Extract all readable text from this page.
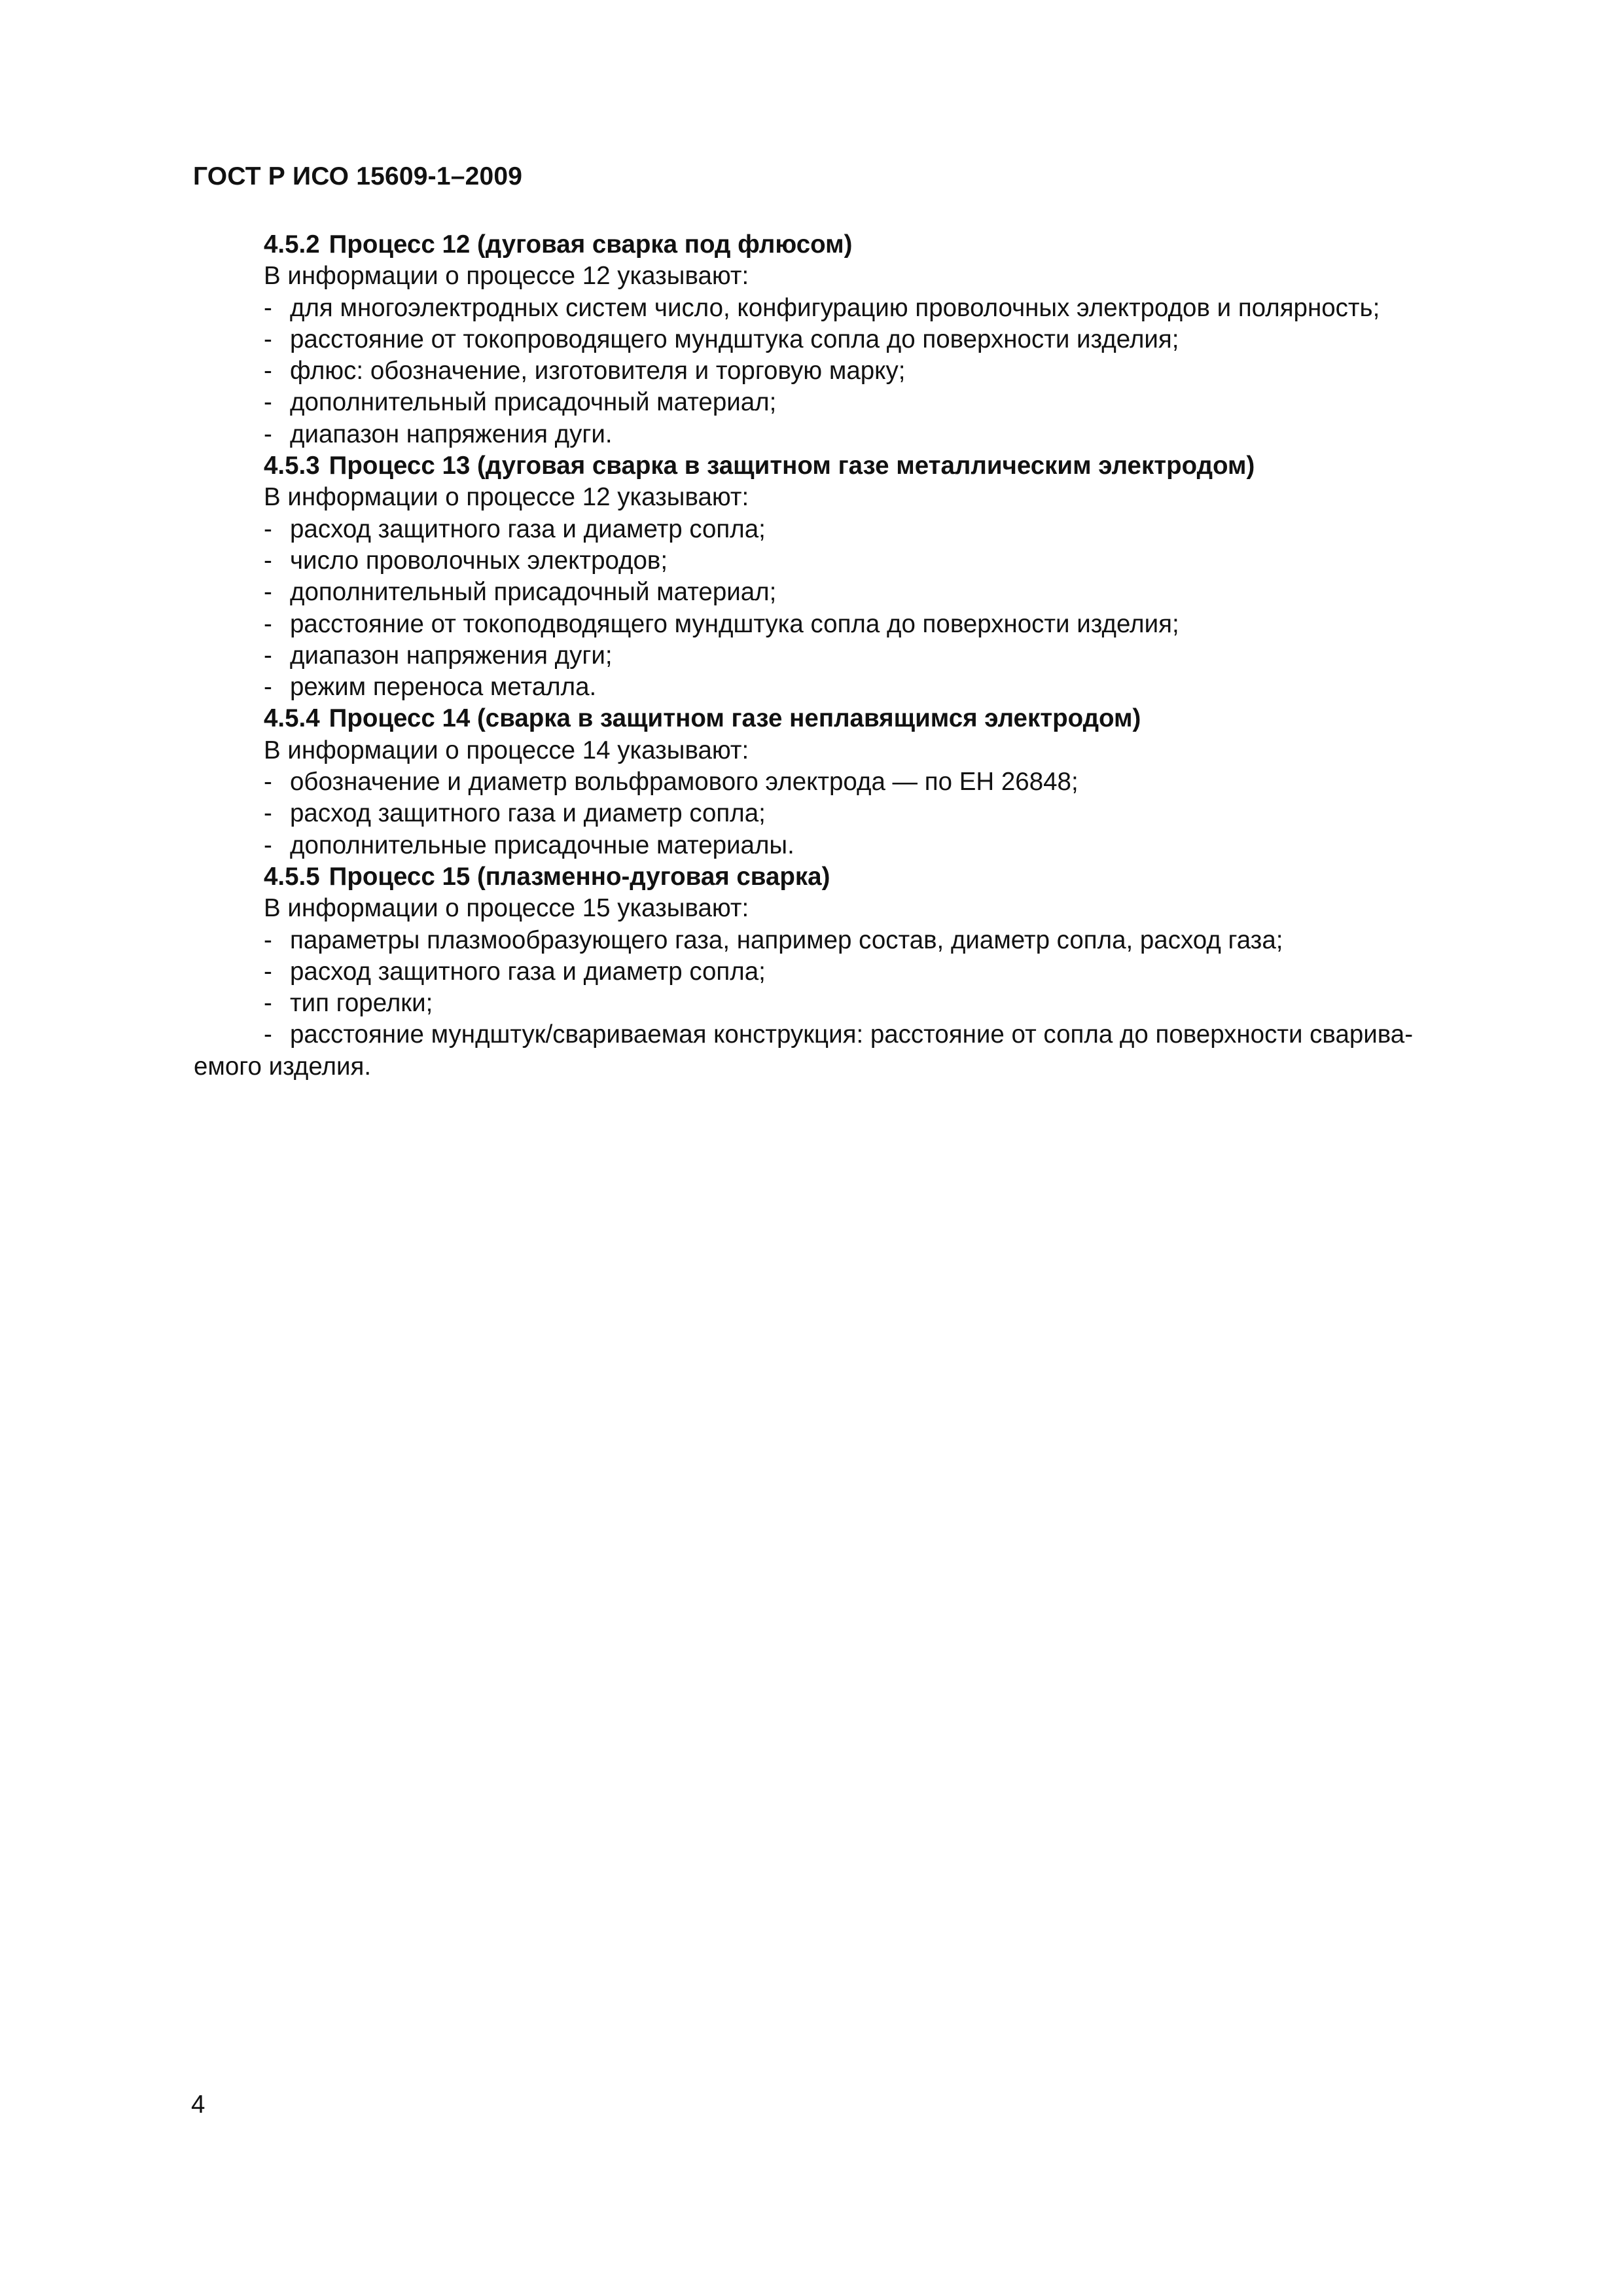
ГОСТ Р ИСО 15609-1–2009
4.5.2 Процесс 12 (дуговая сварка под флюсом)
В информации о процессе 12 указывают:
- для многоэлектродных систем число, конфигурацию проволочных электродов и полярность;
- расстояние от токопроводящего мундштука сопла до поверхности изделия;
- флюс: обозначение, изготовителя и торговую марку;
- дополнительный присадочный материал;
- диапазон напряжения дуги.
4.5.3 Процесс 13 (дуговая сварка в защитном газе металлическим электродом)
В информации о процессе 12 указывают:
- расход защитного газа и диаметр сопла;
- число проволочных электродов;
- дополнительный присадочный материал;
- расстояние от токоподводящего мундштука сопла до поверхности изделия;
- диапазон напряжения дуги;
- режим переноса металла.
4.5.4 Процесс 14 (сварка в защитном газе неплавящимся электродом)
В информации о процессе 14 указывают:
- обозначение и диаметр вольфрамового электрода — по ЕН 26848;
- расход защитного газа и диаметр сопла;
- дополнительные присадочные материалы.
4.5.5 Процесс 15 (плазменно-дуговая сварка)
В информации о процессе 15 указывают:
- параметры плазмообразующего газа, например состав, диаметр сопла, расход газа;
- расход защитного газа и диаметр сопла;
- тип горелки;
- расстояние мундштук/свариваемая конструкция: расстояние от сопла до поверхности сварива-
емого изделия.
4
